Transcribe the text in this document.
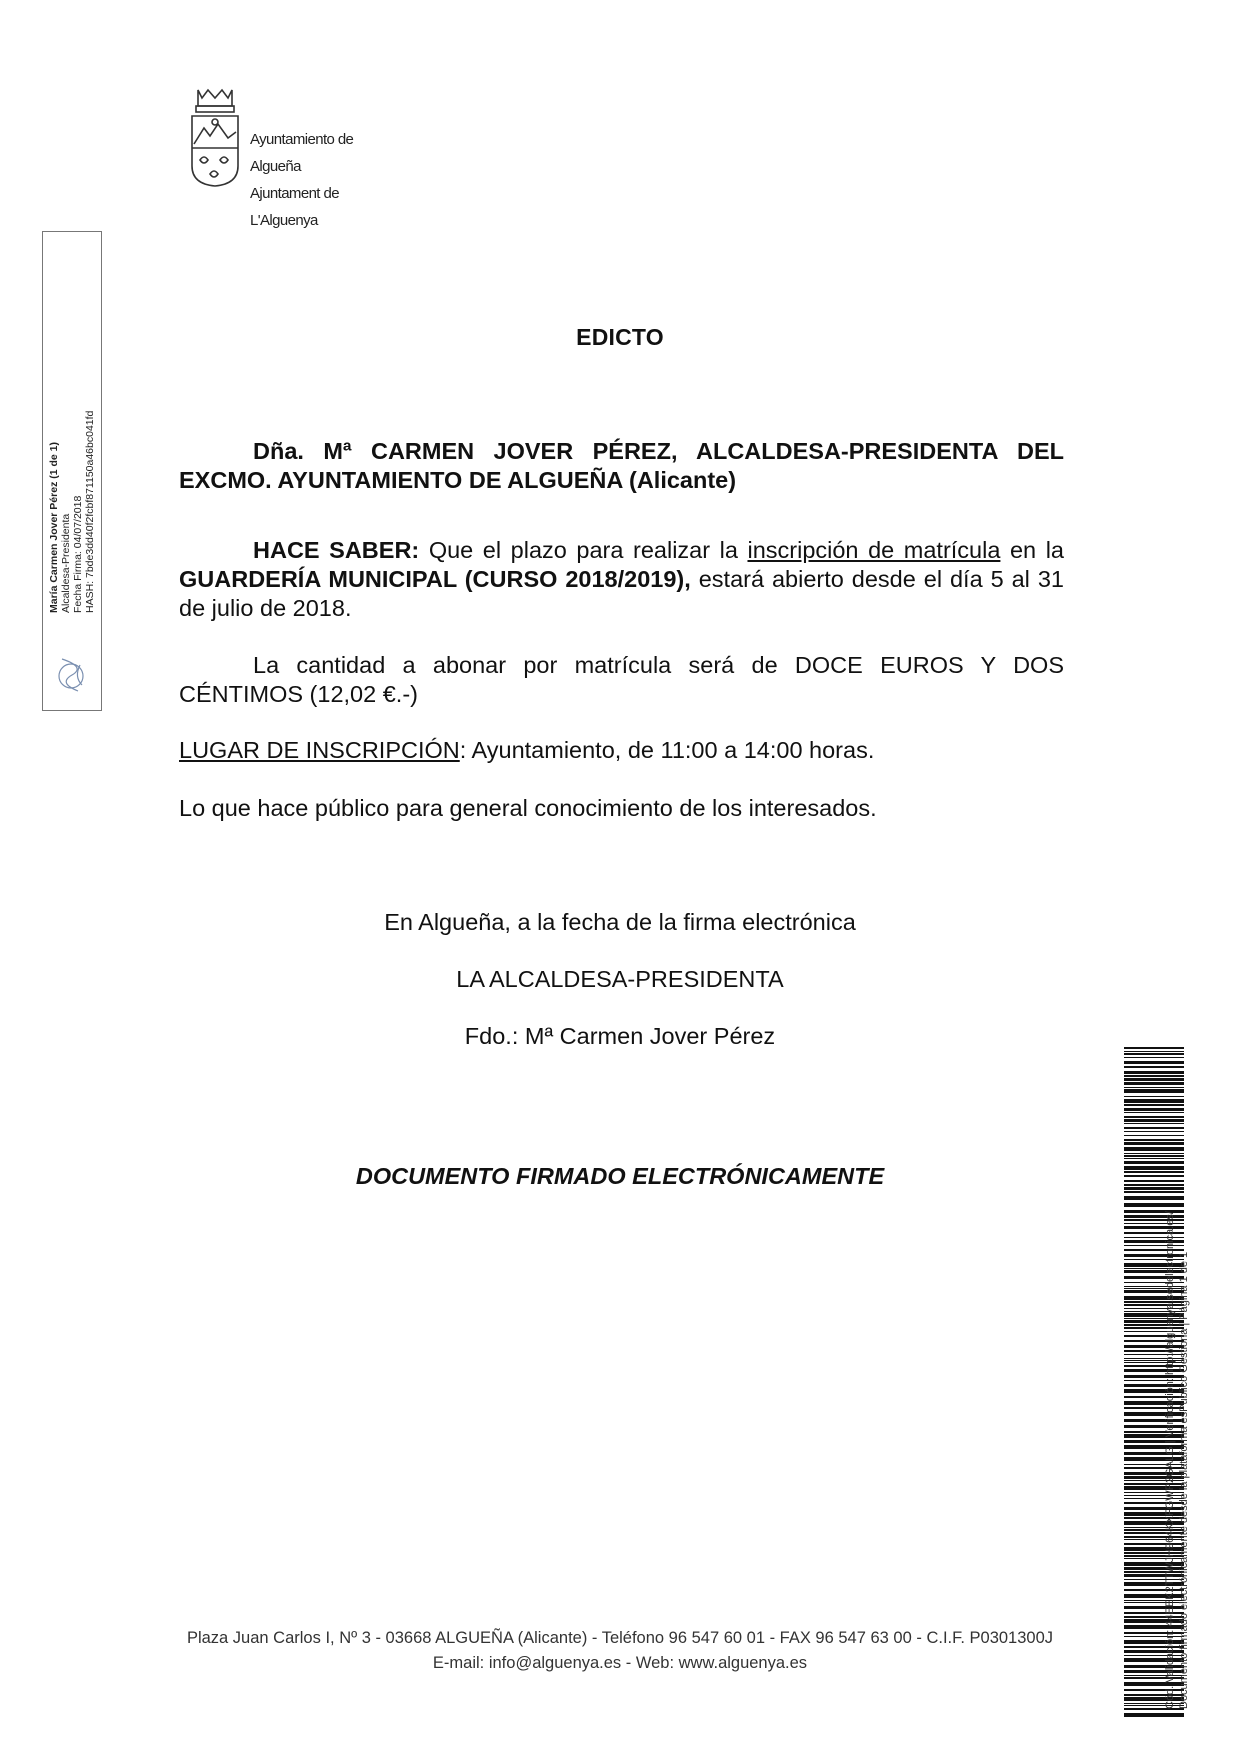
Ayuntamiento de Algueña
Ajuntament de L'Alguenya
María Carmen Jover Pérez (1 de 1) Alcaldesa-Presidenta Fecha Firma: 04/07/2018 HASH: 7bde3dd40f2fcbf871150a46bc041fd
EDICTO
Dña. Mª CARMEN JOVER PÉREZ, ALCALDESA-PRESIDENTA DEL EXCMO. AYUNTAMIENTO DE ALGUEÑA (Alicante)
HACE SABER: Que el plazo para realizar la inscripción de matrícula en la GUARDERÍA MUNICIPAL (CURSO 2018/2019), estará abierto desde el día 5 al 31 de julio de 2018.
La cantidad a abonar por matrícula será de DOCE EUROS Y DOS CÉNTIMOS (12,02 €.-)
LUGAR DE INSCRIPCIÓN: Ayuntamiento, de 11:00 a 14:00 horas.
Lo que hace público para general conocimiento de los interesados.
En Algueña, a la fecha de la firma electrónica
LA ALCALDESA-PRESIDENTA
Fdo.: Mª Carmen Jover Pérez
DOCUMENTO FIRMADO ELECTRÓNICAMENTE
Cód. Validación: 44EEK2TTWJH964KXFGWP2GALG | Verificación: http://alguenya.sedelectronica.es/ Documento firmado electrónicamente desde la plataforma esPublico Gestiona | Página 1 de 1
Plaza Juan Carlos I, Nº 3 - 03668 ALGUEÑA (Alicante) - Teléfono 96 547 60 01 - FAX 96 547 63 00 - C.I.F. P0301300J
E-mail: info@alguenya.es - Web: www.alguenya.es
